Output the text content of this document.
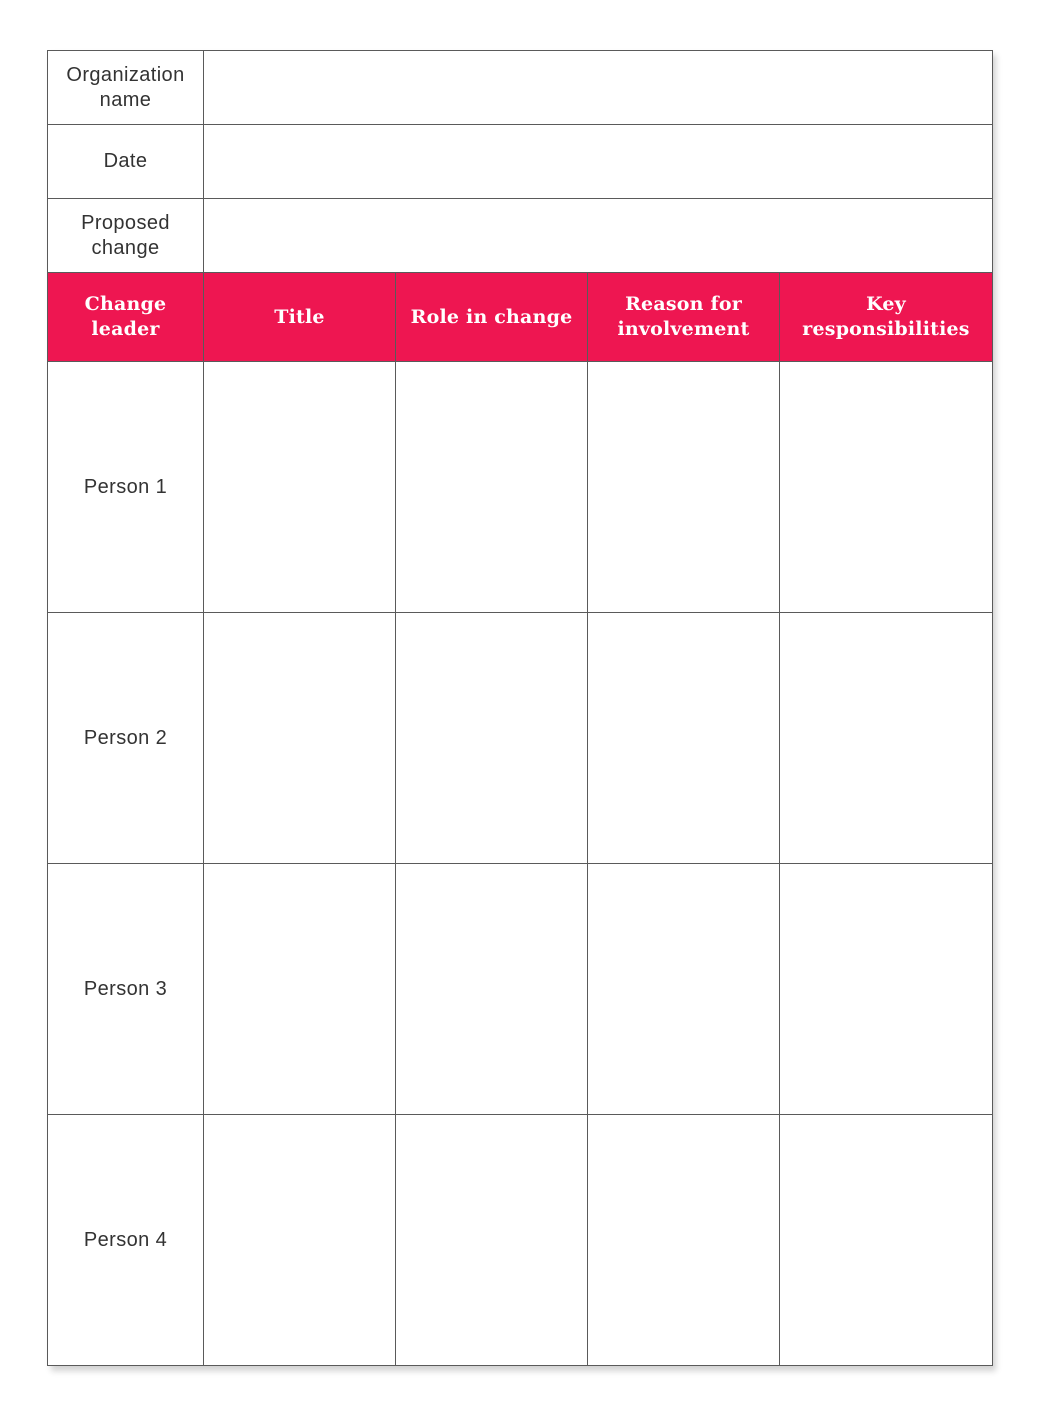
Organization name				
Date				
Proposed change				
Change leader	Title	Role in change	Reason for involvement	Key responsibilities
Person 1				
Person 2				
Person 3				
Person 4				
